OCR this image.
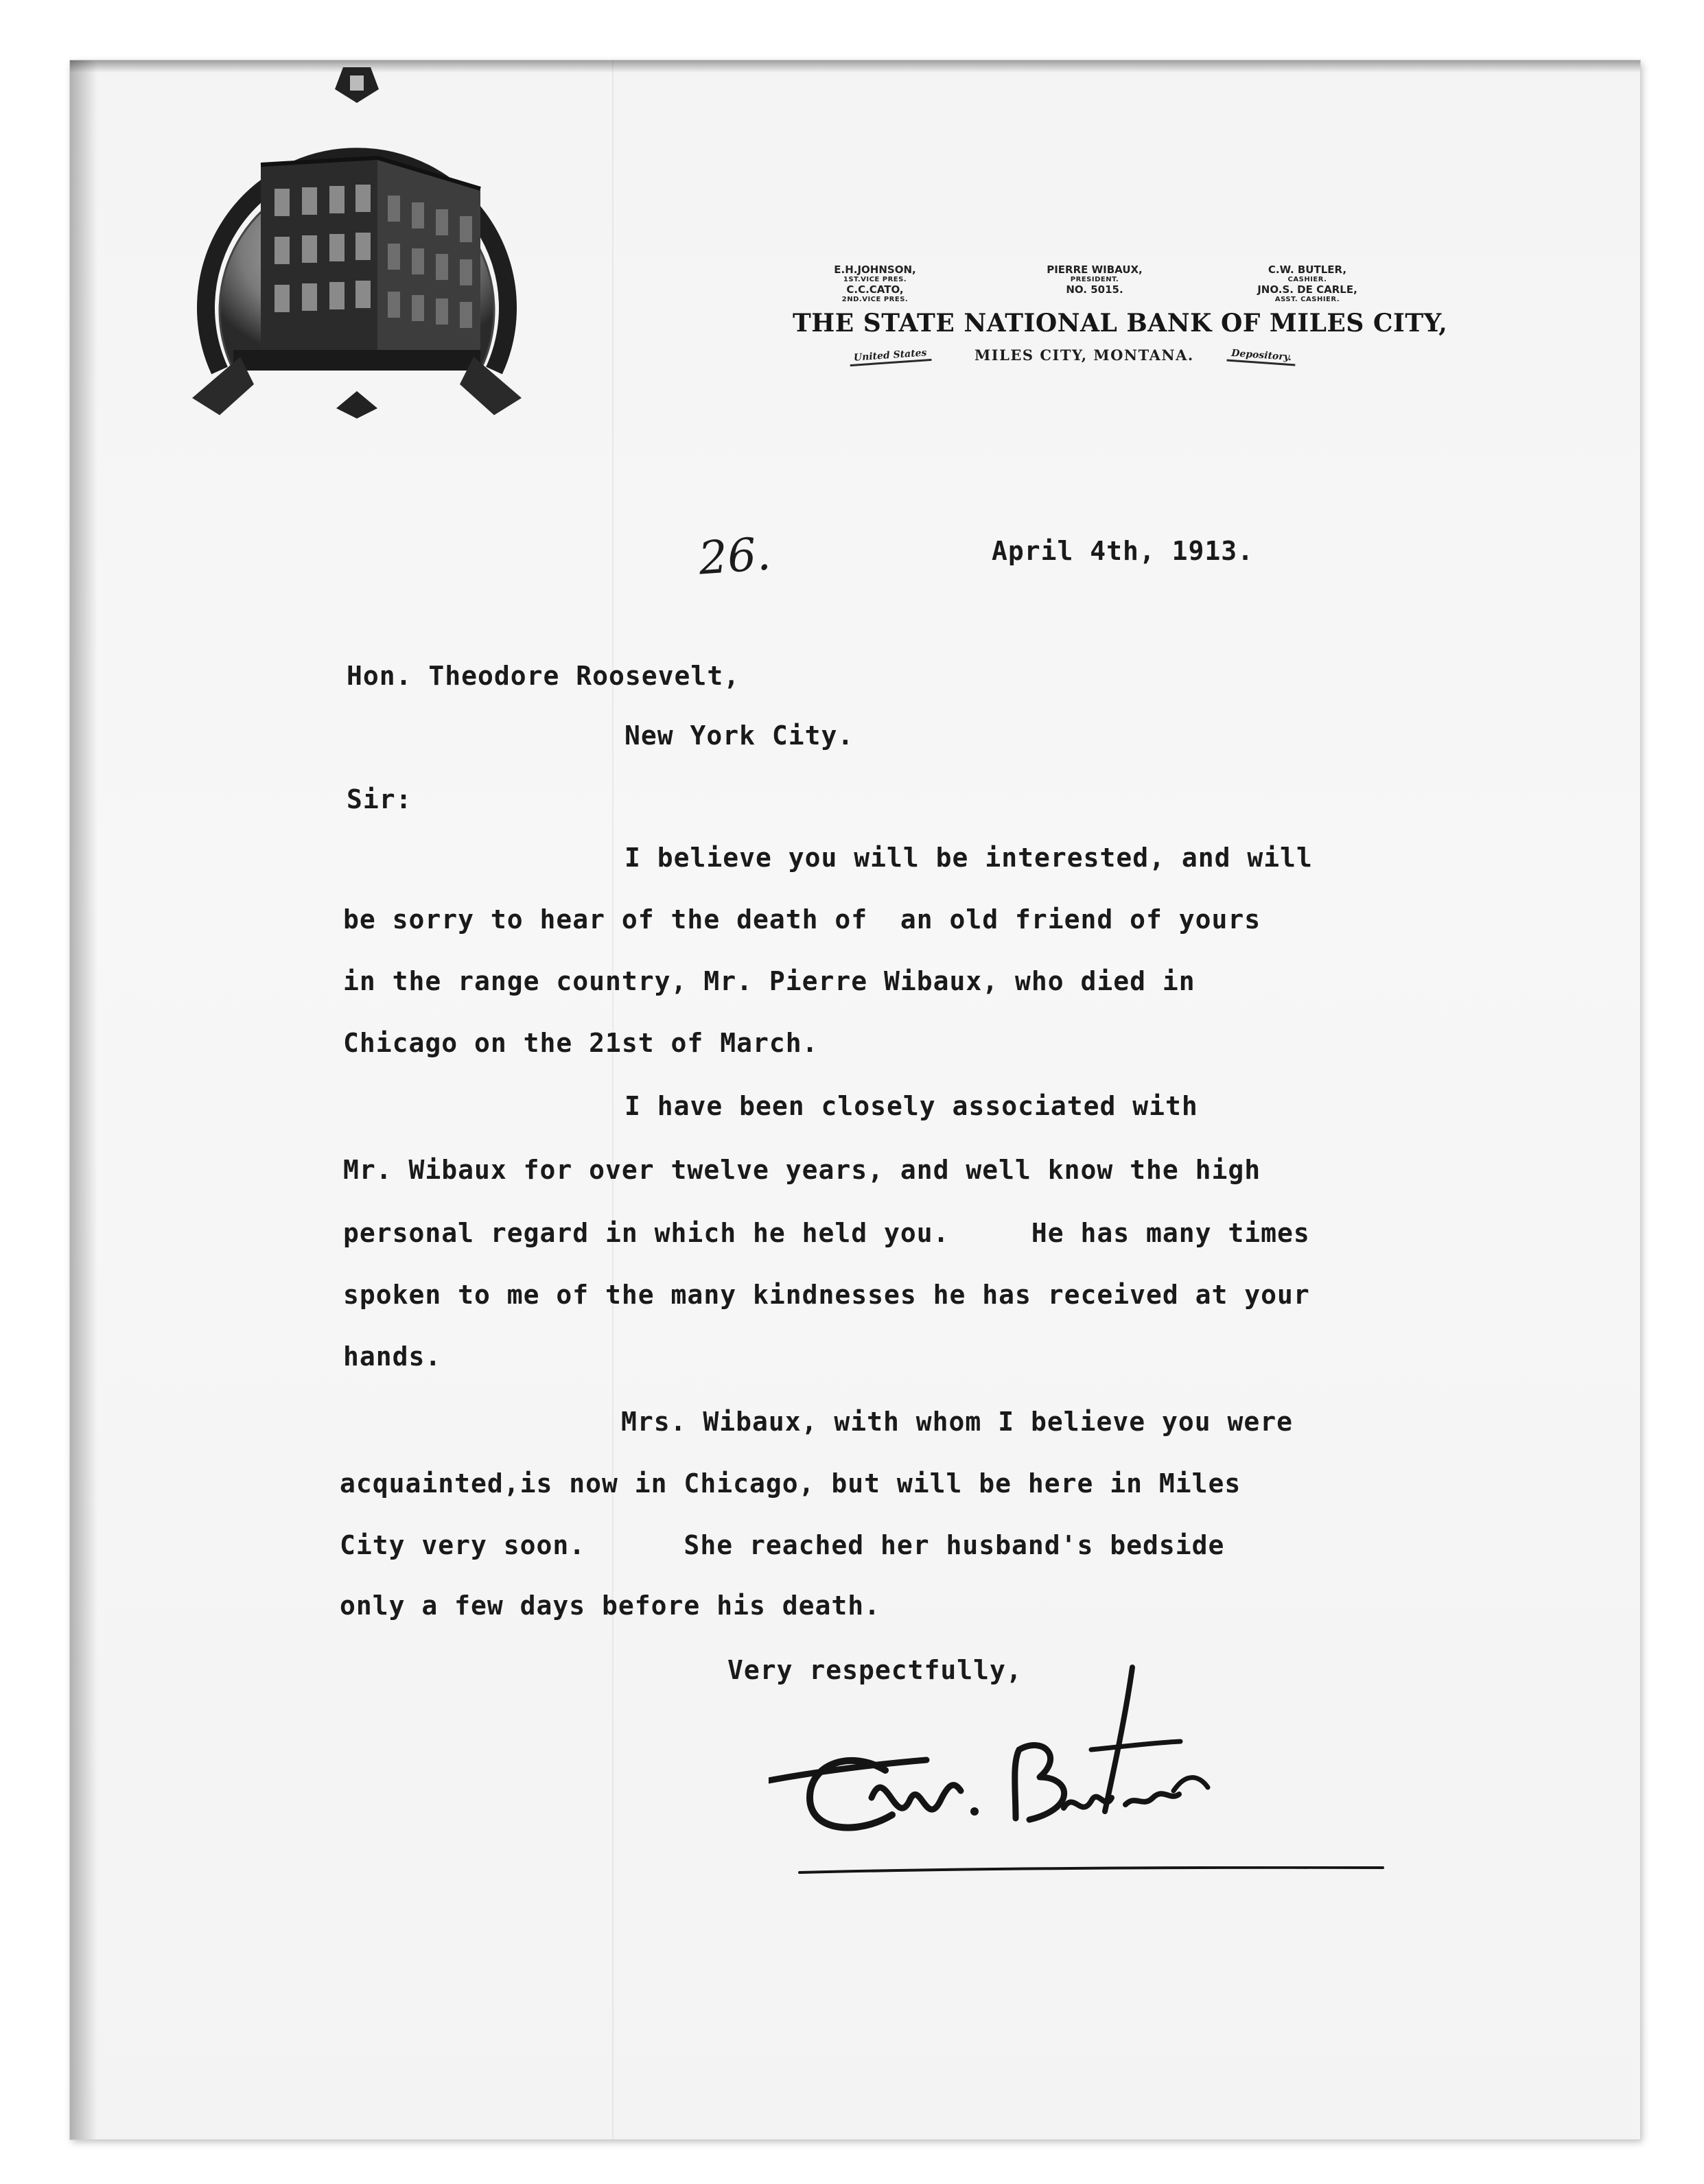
E.H.JOHNSON,
1ST.VICE PRES.
C.C.CATO,
2ND.VICE PRES.
PIERRE WIBAUX,
PRESIDENT.
NO. 5015.
C.W. BUTLER,
CASHIER.
JNO.S. DE CARLE,
ASST. CASHIER.
THE STATE NATIONAL BANK OF MILES CITY,
United States	MILES CITY, MONTANA.	Depository.
26.	April 4th, 1913.
Hon. Theodore Roosevelt,
New York City.
Sir:
I believe you will be interested, and will
be sorry to hear of the death of  an old friend of yours
in the range country, Mr. Pierre Wibaux, who died in
Chicago on the 21st of March.
I have been closely associated with
Mr. Wibaux for over twelve years, and well know the high
personal regard in which he held you.     He has many times
spoken to me of the many kindnesses he has received at your
hands.
Mrs. Wibaux, with whom I believe you were
acquainted,is now in Chicago, but will be here in Miles
City very soon.      She reached her husband's bedside
only a few days before his death.
Very respectfully,
